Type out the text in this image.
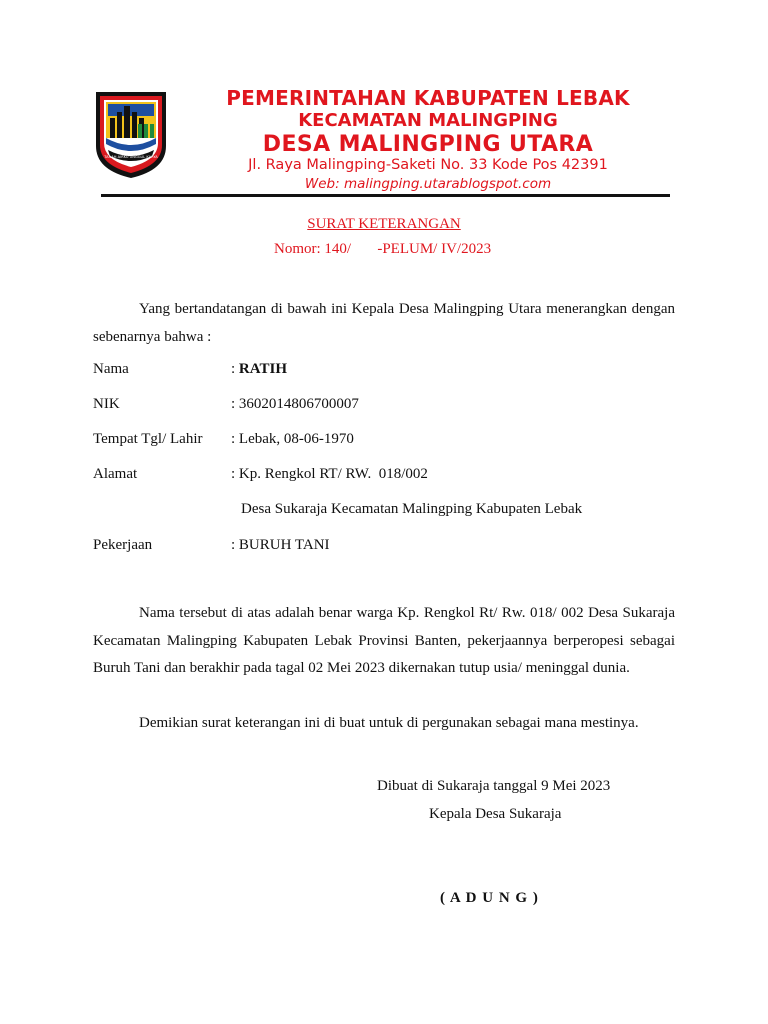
TANAH AIRKU UNGGUL KARYA
PEMERINTAHAN KABUPATEN LEBAK
KECAMATAN MALINGPING
DESA MALINGPING UTARA
Jl. Raya Malingping-Saketi No. 33 Kode Pos 42391
Web: malingping.utarablogspot.com
SURAT KETERANGAN
Nomor: 140/       -PELUM/ IV/2023
Yang bertandatangan di bawah ini Kepala Desa Malingping Utara menerangkan dengan sebenarnya bahwa :
Nama	: RATIH
NIK	: 3602014806700007
Tempat Tgl/ Lahir : Lebak, 08-06-1970
Alamat	: Kp. Rengkol RT/ RW.  018/002
Desa Sukaraja Kecamatan Malingping Kabupaten Lebak
Pekerjaan	: BURUH TANI
Nama tersebut di atas adalah benar warga Kp. Rengkol Rt/ Rw. 018/ 002 Desa Sukaraja Kecamatan Malingping Kabupaten Lebak Provinsi Banten, pekerjaannya berperopesi sebagai Buruh Tani dan berakhir pada tagal 02 Mei 2023 dikernakan tutup usia/ meninggal dunia.
Demikian surat keterangan ini di buat untuk di pergunakan sebagai mana mestinya.
Dibuat di Sukaraja tanggal 9 Mei 2023
Kepala Desa Sukaraja
( A D U N G )
